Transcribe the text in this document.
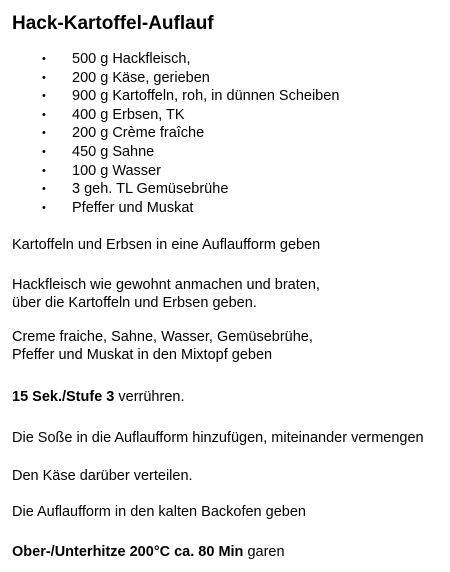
Hack-Kartoffel-Auflauf
• 500 g Hackfleisch,
• 200 g Käse, gerieben
• 900 g Kartoffeln, roh, in dünnen Scheiben
• 400 g Erbsen, TK
• 200 g Crème fraîche
• 450 g Sahne
• 100 g Wasser
• 3 geh. TL Gemüsebrühe
• Pfeffer und Muskat

Kartoffeln und Erbsen in eine Auflaufform geben

Hackfleisch wie gewohnt anmachen und braten,
über die Kartoffeln und Erbsen geben.

Creme fraiche, Sahne, Wasser, Gemüsebrühe,
Pfeffer und Muskat in den Mixtopf geben

15 Sek./Stufe 3 verrühren.

Die Soße in die Auflaufform hinzufügen, miteinander vermengen

Den Käse darüber verteilen.

Die Auflaufform in den kalten Backofen geben

Ober-/Unterhitze 200°C ca. 80 Min garen
